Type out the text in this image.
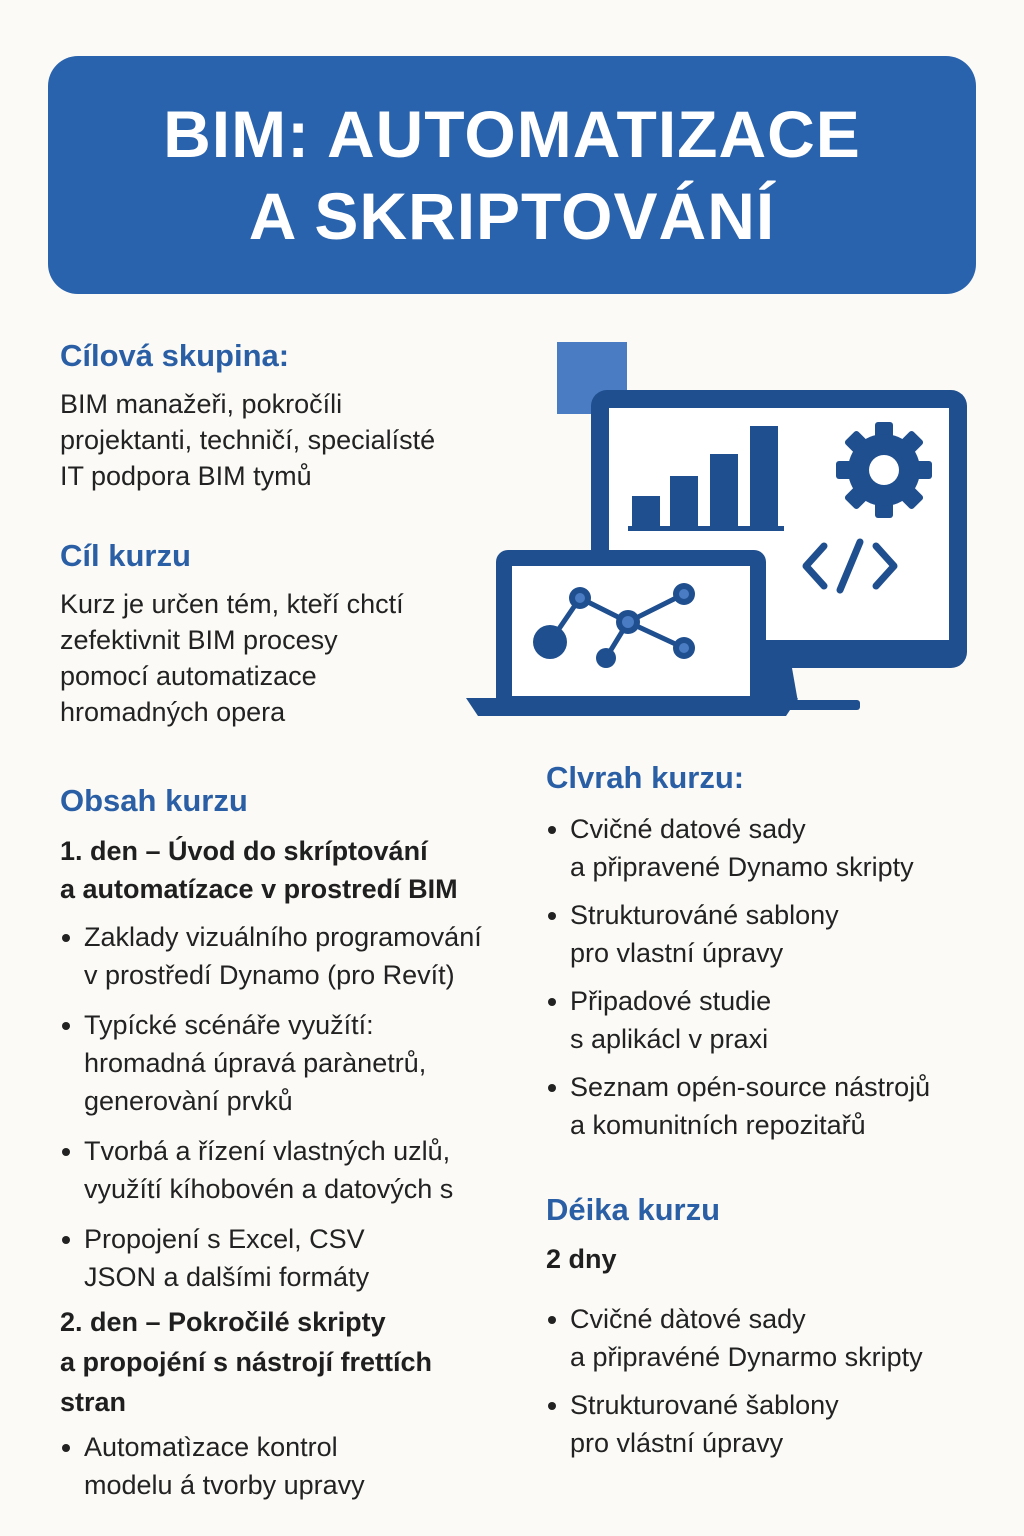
BIM: AUTOMATIZACE
A SKRIPTOVÁNÍ
Cílová skupina:
BIM manažeři, pokročíli
projektanti, techničí, specialísté
IT podpora BIM tymů
Cíl kurzu
Kurz je určen tém, kteří chctí
zefektivnit BIM procesy
pomocí automatizace
hromadných opera
Obsah kurzu
1. den – Úvod do skríptování
a automatízace v prostredí BIM
Zaklady vizuálního programování
v prostředí Dynamo (pro Revít)
Typícké scénáře využítí:
hromadná úpravá parànetrů,
generovàní prvků
Tvorbá a řízení vlastných uzlů,
využítí kíhobovén a datových s
Propojení s Excel, CSV
JSON a dalšími formáty
2. den – Pokročilé skripty
a propojéní s nástrojí frettích
stran
Automatìzace kontrol
modelu á tvorby upravy
Clvrah kurzu:
Cvičné datové sady
a připravené Dynamo skripty
Strukturováné sablony
pro vlastní úpravy
Připadové studie
s aplikácl v praxi
Seznam opén-source nástrojů
a komunitních repozitařů
Déika kurzu
2 dny
Cvičné dàtové sady
a připravéné Dynarmo skripty
Strukturované šablony
pro vlástní úpravy
